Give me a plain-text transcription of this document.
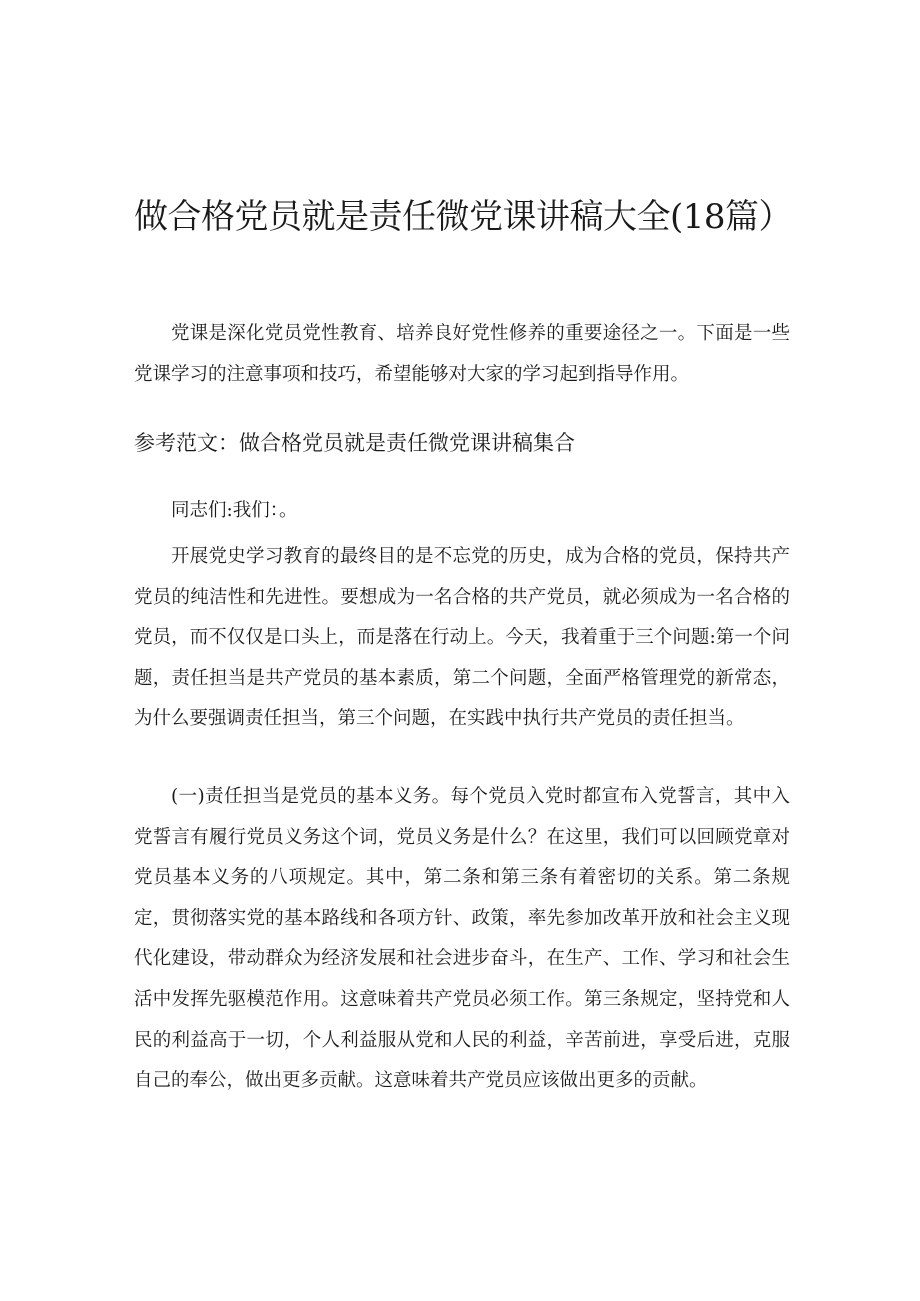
做合格党员就是责任微党课讲稿大全(18篇）

党课是深化党员党性教育、培养良好党性修养的重要途径之一。下面是一些党课学习的注意事项和技巧，希望能够对大家的学习起到指导作用。

参考范文：做合格党员就是责任微党课讲稿集合

同志们:我们：。

开展党史学习教育的最终目的是不忘党的历史，成为合格的党员，保持共产党员的纯洁性和先进性。要想成为一名合格的共产党员，就必须成为一名合格的党员，而不仅仅是口头上，而是落在行动上。今天，我着重于三个问题:第一个问题，责任担当是共产党员的基本素质，第二个问题，全面严格管理党的新常态，为什么要强调责任担当，第三个问题，在实践中执行共产党员的责任担当。

(一)责任担当是党员的基本义务。每个党员入党时都宣布入党誓言，其中入党誓言有履行党员义务这个词，党员义务是什么？在这里，我们可以回顾党章对党员基本义务的八项规定。其中，第二条和第三条有着密切的关系。第二条规定，贯彻落实党的基本路线和各项方针、政策，率先参加改革开放和社会主义现代化建设，带动群众为经济发展和社会进步奋斗，在生产、工作、学习和社会生活中发挥先驱模范作用。这意味着共产党员必须工作。第三条规定，坚持党和人民的利益高于一切，个人利益服从党和人民的利益，辛苦前进，享受后进，克服自己的奉公，做出更多贡献。这意味着共产党员应该做出更多的贡献。
